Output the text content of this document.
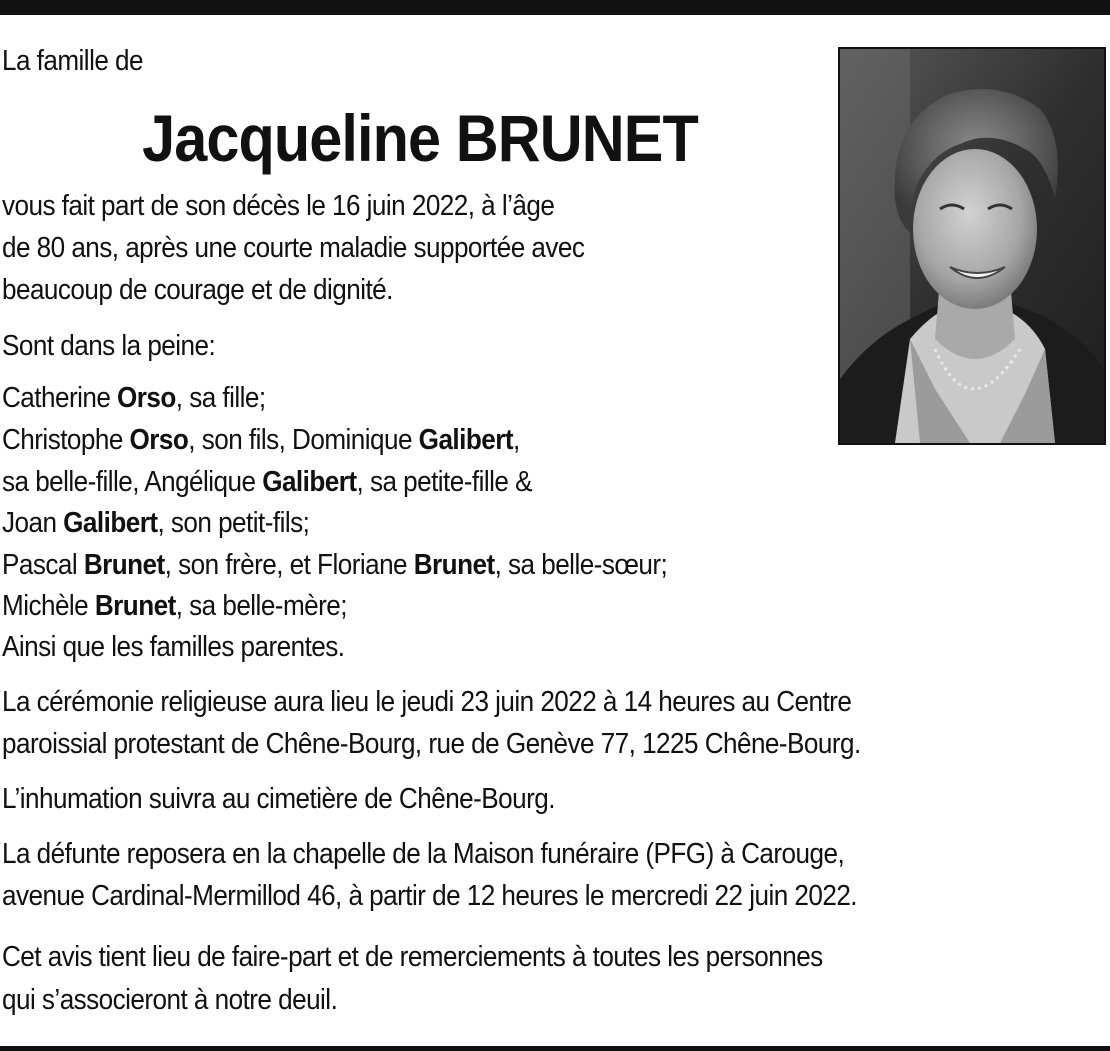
La famille de

Jacqueline BRUNET

vous fait part de son décès le 16 juin 2022, à l’âge

de 80 ans, après une courte maladie supportée avec

beaucoup de courage et de dignité.

Sont dans la peine:

Catherine Orso, sa fille;

Christophe Orso, son fils, Dominique Galibert,

sa belle-fille, Angélique Galibert, sa petite-fille &

Joan Galibert, son petit-fils;

Pascal Brunet, son frère, et Floriane Brunet, sa belle-sœur;

Michèle Brunet, sa belle-mère;

Ainsi que les familles parentes.

La cérémonie religieuse aura lieu le jeudi 23 juin 2022 à 14 heures au Centre

paroissial protestant de Chêne-Bourg, rue de Genève 77, 1225 Chêne-Bourg.

L’inhumation suivra au cimetière de Chêne-Bourg.

La défunte reposera en la chapelle de la Maison funéraire (PFG) à Carouge,

avenue Cardinal-Mermillod 46, à partir de 12 heures le mercredi 22 juin 2022.

Cet avis tient lieu de faire-part et de remerciements à toutes les personnes

qui s’associeront à notre deuil.
